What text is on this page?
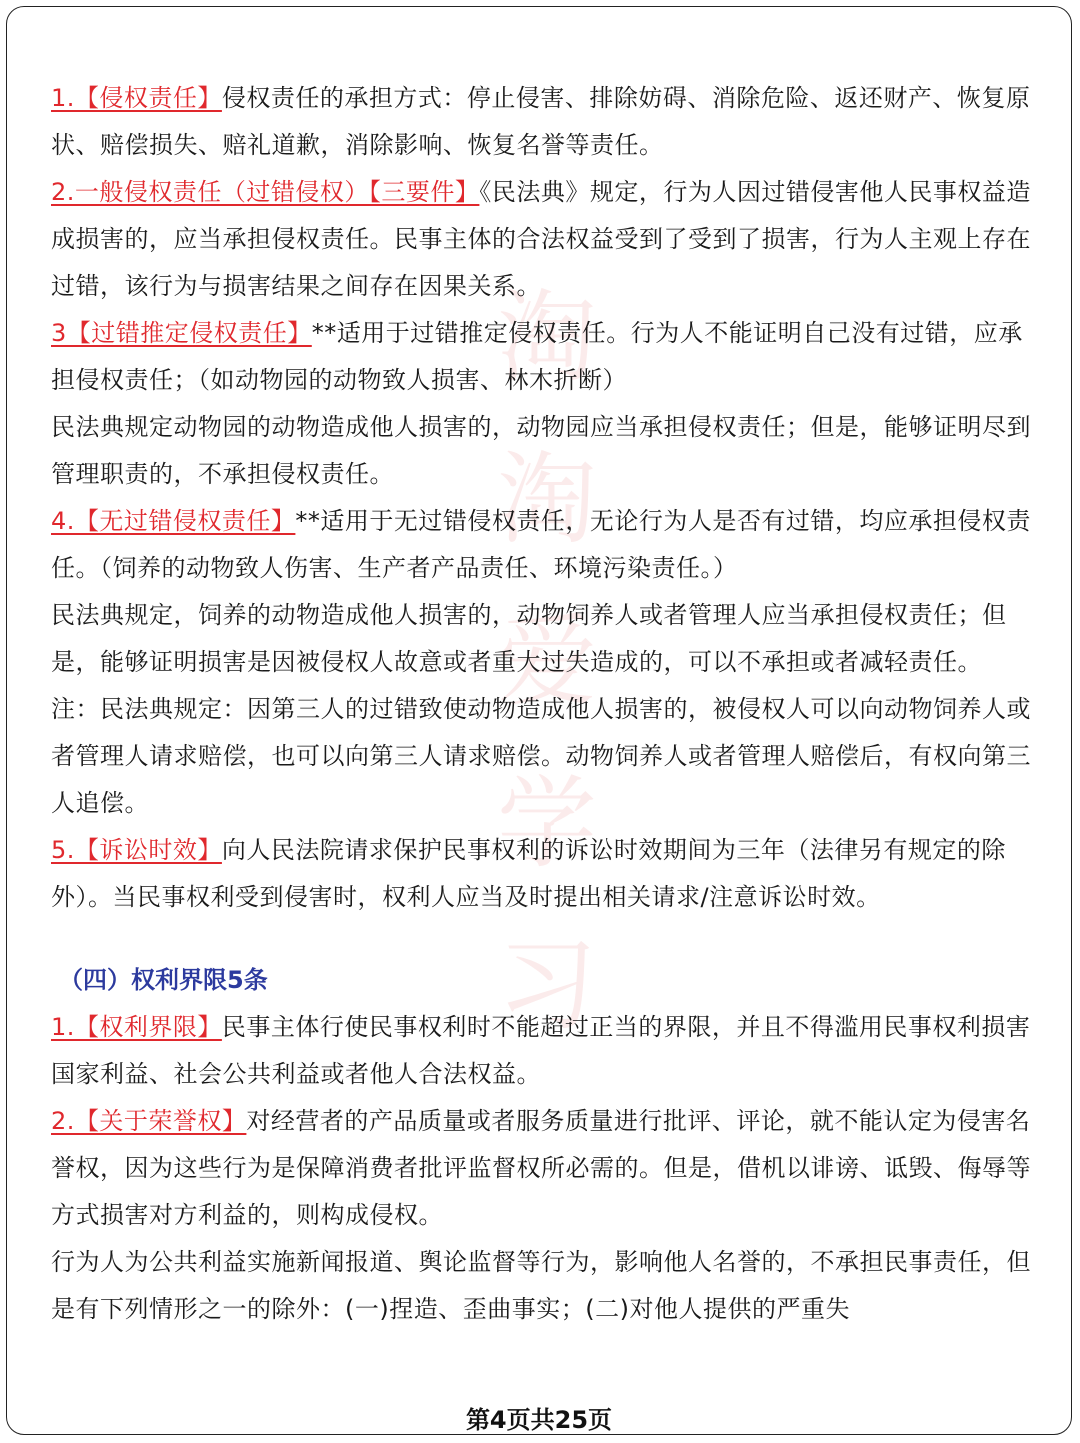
淘
淘
爱
学
习

1.【侵权责任】侵权责任的承担方式：停止侵害、排除妨碍、消除危险、返还财产、恢复原状、赔偿损失、赔礼道歉，消除影响、恢复名誉等责任。

2.一般侵权责任（过错侵权）【三要件】《民法典》规定，行为人因过错侵害他人民事权益造成损害的，应当承担侵权责任。民事主体的合法权益受到了受到了损害，行为人主观上存在过错，该行为与损害结果之间存在因果关系。

3【过错推定侵权责任】**适用于过错推定侵权责任。行为人不能证明自己没有过错，应承担侵权责任；（如动物园的动物致人损害、林木折断）

民法典规定动物园的动物造成他人损害的，动物园应当承担侵权责任；但是，能够证明尽到管理职责的，不承担侵权责任。

4.【无过错侵权责任】**适用于无过错侵权责任，无论行为人是否有过错，均应承担侵权责任。（饲养的动物致人伤害、生产者产品责任、环境污染责任。）

民法典规定，饲养的动物造成他人损害的，动物饲养人或者管理人应当承担侵权责任；但是，能够证明损害是因被侵权人故意或者重大过失造成的，可以不承担或者减轻责任。

注：民法典规定：因第三人的过错致使动物造成他人损害的，被侵权人可以向动物饲养人或者管理人请求赔偿，也可以向第三人请求赔偿。动物饲养人或者管理人赔偿后，有权向第三人追偿。

5.【诉讼时效】向人民法院请求保护民事权利的诉讼时效期间为三年（法律另有规定的除外）。当民事权利受到侵害时，权利人应当及时提出相关请求/注意诉讼时效。

（四）权利界限5条

1.【权利界限】民事主体行使民事权利时不能超过正当的界限，并且不得滥用民事权利损害国家利益、社会公共利益或者他人合法权益。

2.【关于荣誉权】对经营者的产品质量或者服务质量进行批评、评论，就不能认定为侵害名誉权，因为这些行为是保障消费者批评监督权所必需的。但是，借机以诽谤、诋毁、侮辱等方式损害对方利益的，则构成侵权。

行为人为公共利益实施新闻报道、舆论监督等行为，影响他人名誉的，不承担民事责任，但是有下列情形之一的除外：(一)捏造、歪曲事实；(二)对他人提供的严重失

第4页共25页
